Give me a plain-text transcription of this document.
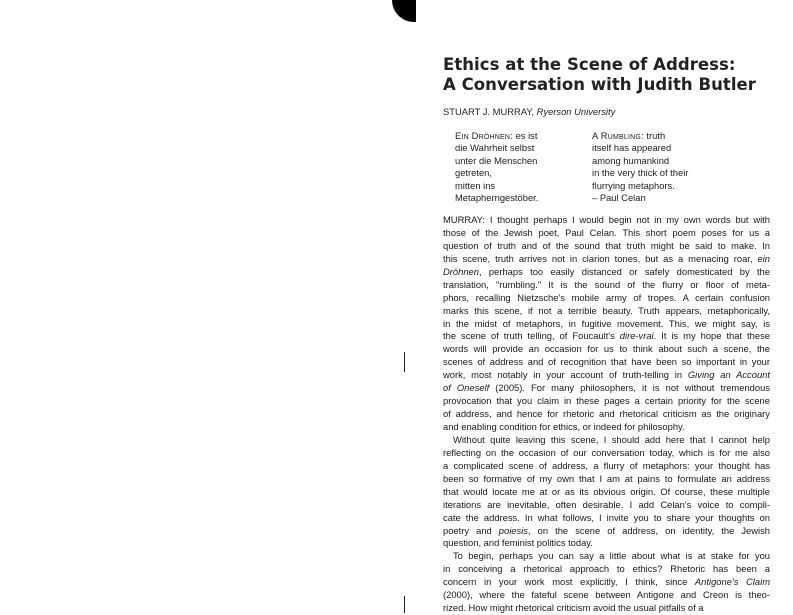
Ethics at the Scene of Address:
A Conversation with Judith Butler
STUART J. MURRAY, Ryerson University
Ein Dröhnen: es ist
die Wahrheit selbst
unter die Menschen
getreten,
mitten ins
Metapherngestöber.
A Rumbling: truth
itself has appeared
among humankind
in the very thick of their
flurrying metaphors.
– Paul Celan
MURRAY: I thought perhaps I would begin not in my own words but with
those of the Jewish poet, Paul Celan. This short poem poses for us a
question of truth and of the sound that truth might be said to make. In
this scene, truth arrives not in clarion tones, but as a menacing roar, ein
Dröhnen, perhaps too easily distanced or safely domesticated by the
translation, "rumbling." It is the sound of the flurry or floor of meta-
phors, recalling Nietzsche's mobile army of tropes. A certain confusion
marks this scene, if not a terrible beauty. Truth appears, metaphorically,
in the midst of metaphors, in fugitive movement. This, we might say, is
the scene of truth telling, of Foucault's dire-vrai. It is my hope that these
words will provide an occasion for us to think about such a scene, the
scenes of address and of recognition that have been so important in your
work, most notably in your account of truth-telling in Giving an Account
of Oneself (2005). For many philosophers, it is not without tremendous
provocation that you claim in these pages a certain priority for the scene
of address, and hence for rhetoric and rhetorical criticism as the originary
and enabling condition for ethics, or indeed for philosophy.
Without quite leaving this scene, I should add here that I cannot help
reflecting on the occasion of our conversation today, which is for me also
a complicated scene of address, a flurry of metaphors: your thought has
been so formative of my own that I am at pains to formulate an address
that would locate me at or as its obvious origin. Of course, these multiple
iterations are inevitable, often desirable. I add Celan's voice to compli-
cate the address. In what follows, I invite you to share your thoughts on
poetry and poiesis, on the scene of address, on identity, the Jewish
question, and feminist politics today.
To begin, perhaps you can say a little about what is at stake for you
in conceiving a rhetorical approach to ethics? Rhetoric has been a
concern in your work most explicitly, I think, since Antigone's Claim
(2000), where the fateful scene between Antigone and Creon is theo-
rized. How might rhetorical criticism avoid the usual pitfalls of a
